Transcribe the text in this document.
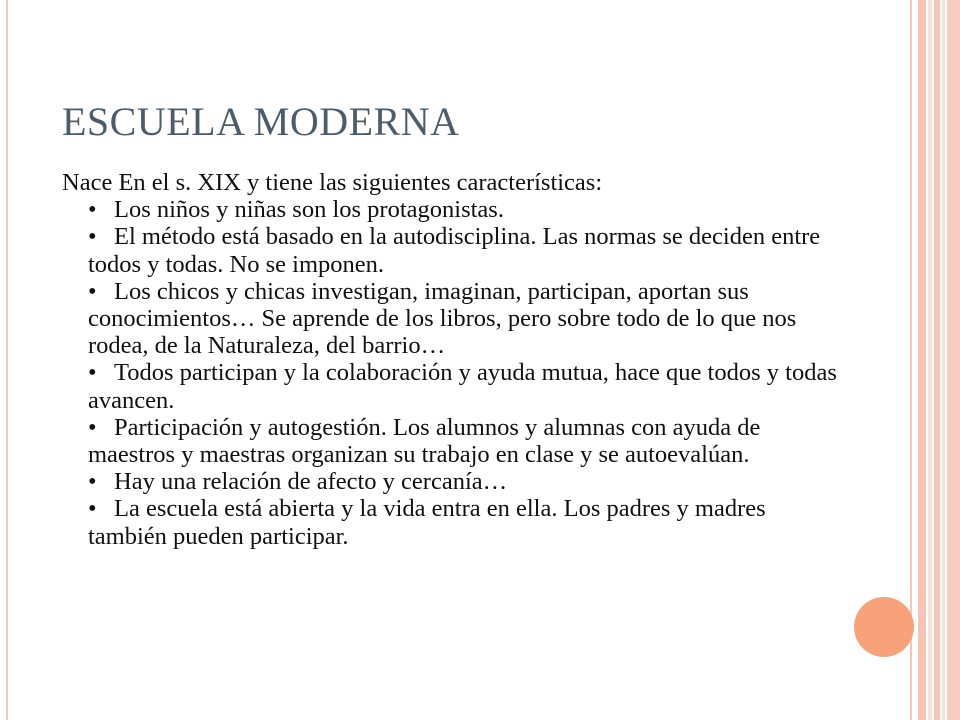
ESCUELA MODERNA

Nace En el s. XIX y tiene las siguientes características:

• Los niños y niñas son los protagonistas.
• El método está basado en la autodisciplina. Las normas se deciden entre todos y todas. No se imponen.
• Los chicos y chicas investigan, imaginan, participan, aportan sus conocimientos… Se aprende de los libros, pero sobre todo de lo que nos rodea, de la Naturaleza, del barrio…
• Todos participan y la colaboración y ayuda mutua, hace que todos y todas avancen.
• Participación y autogestión. Los alumnos y alumnas con ayuda de maestros y maestras organizan su trabajo en clase y se autoevalúan.
• Hay una relación de afecto y cercanía…
• La escuela está abierta y la vida entra en ella. Los padres y madres también pueden participar.
